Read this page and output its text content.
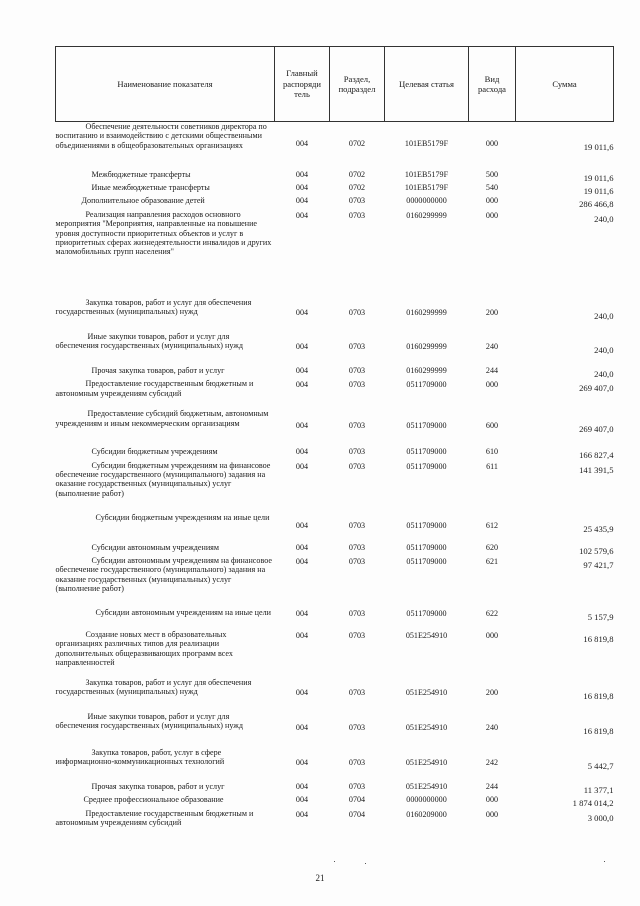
Наименование показателя	Главный распоряди тель	Раздел, подраздел	Целевая статья	Вид расхода	Сумма

Обеспечение деятельности советников директора по воспитанию и взаимодействию с детскими общественными объединениями в общеобразовательных организациях	004	0702	101ЕВ5179F	000	19 011,6

Межбюджетные трансферты	004	0702	101ЕВ5179F	500	19 011,6

Иные межбюджетные трансферты	004	0702	101ЕВ5179F	540	19 011,6

Дополнительное образование детей	004	0703	0000000000	000	286 466,8

Реализация направления расходов основного мероприятия "Мероприятия, направленные на повышение уровня доступности приоритетных объектов и услуг в приоритетных сферах жизнедеятельности инвалидов и других маломобильных групп населения"	004	0703	0160299999	000	240,0

Закупка товаров, работ и услуг для обеспечения государственных (муниципальных) нужд	004	0703	0160299999	200	240,0

Иные закупки товаров, работ и услуг для обеспечения государственных (муниципальных) нужд	004	0703	0160299999	240	240,0

Прочая закупка товаров, работ и услуг	004	0703	0160299999	244	240,0

Предоставление государственным бюджетным и автономным учреждениям субсидий	004	0703	0511709000	000	269 407,0

Предоставление субсидий бюджетным, автономным учреждениям и иным некоммерческим организациям	004	0703	0511709000	600	269 407,0

Субсидии бюджетным учреждениям	004	0703	0511709000	610	166 827,4

Субсидии бюджетным учреждениям на финансовое обеспечение государственного (муниципального) задания на оказание государственных (муниципальных) услуг (выполнение работ)	004	0703	0511709000	611	141 391,5

Субсидии бюджетным учреждениям на иные цели	004	0703	0511709000	612	25 435,9

Субсидии автономным учреждениям	004	0703	0511709000	620	102 579,6

Субсидии автономным учреждениям на финансовое обеспечение государственного (муниципального) задания на оказание государственных (муниципальных) услуг (выполнение работ)	004	0703	0511709000	621	97 421,7

Субсидии автономным учреждениям на иные цели	004	0703	0511709000	622	5 157,9

Создание новых мест в образовательных организациях различных типов для реализации дополнительных общеразвивающих программ всех направленностей	004	0703	051Е254910	000	16 819,8

Закупка товаров, работ и услуг для обеспечения государственных (муниципальных) нужд	004	0703	051Е254910	200	16 819,8

Иные закупки товаров, работ и услуг для обеспечения государственных (муниципальных) нужд	004	0703	051Е254910	240	16 819,8

Закупка товаров, работ, услуг в сфере информационно-коммуникационных технологий	004	0703	051Е254910	242	5 442,7

Прочая закупка товаров, работ и услуг	004	0703	051Е254910	244	11 377,1

Среднее профессиональное образование	004	0704	0000000000	000	1 874 014,2

Предоставление государственным бюджетным и автономным учреждениям субсидий	004	0704	0160209000	000	3 000,0
21
